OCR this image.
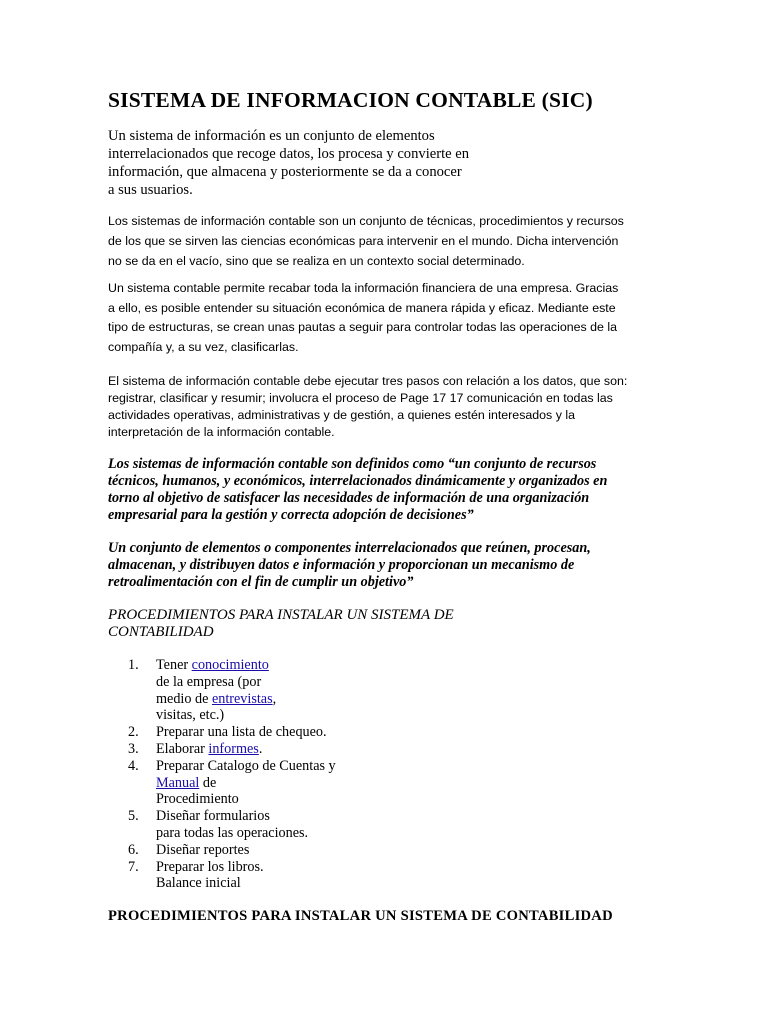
SISTEMA DE INFORMACION CONTABLE (SIC)
Un sistema de información es un conjunto de elementos
interrelacionados que recoge datos, los procesa y convierte en
información, que almacena y posteriormente se da a conocer
a sus usuarios.
Los sistemas de información contable son un conjunto de técnicas, procedimientos y recursos
de los que se sirven las ciencias económicas para intervenir en el mundo. Dicha intervención
no se da en el vacío, sino que se realiza en un contexto social determinado.
Un sistema contable permite recabar toda la información financiera de una empresa. Gracias
a ello, es posible entender su situación económica de manera rápida y eficaz. Mediante este
tipo de estructuras, se crean unas pautas a seguir para controlar todas las operaciones de la
compañía y, a su vez, clasificarlas.
El sistema de información contable debe ejecutar tres pasos con relación a los datos, que son:
registrar, clasificar y resumir; involucra el proceso de Page 17 17 comunicación en todas las
actividades operativas, administrativas y de gestión, a quienes estén interesados y la
interpretación de la información contable.
Los sistemas de información contable son definidos como “un conjunto de recursos
técnicos, humanos, y económicos, interrelacionados dinámicamente y organizados en
torno al objetivo de satisfacer las necesidades de información de una organización
empresarial para la gestión y correcta adopción de decisiones”
Un conjunto de elementos o componentes interrelacionados que reúnen, procesan,
almacenan, y distribuyen datos e información y proporcionan un mecanismo de
retroalimentación con el fin de cumplir un objetivo”
PROCEDIMIENTOS PARA INSTALAR UN SISTEMA DE
CONTABILIDAD
1. Tener conocimiento
de la empresa (por
medio de entrevistas,
visitas, etc.)
2. Preparar una lista de chequeo.
3. Elaborar informes.
4. Preparar Catalogo de Cuentas y
Manual de
Procedimiento
5. Diseñar formularios
para todas las operaciones.
6. Diseñar reportes
7. Preparar los libros.
Balance inicial
PROCEDIMIENTOS PARA INSTALAR UN SISTEMA DE CONTABILIDAD
